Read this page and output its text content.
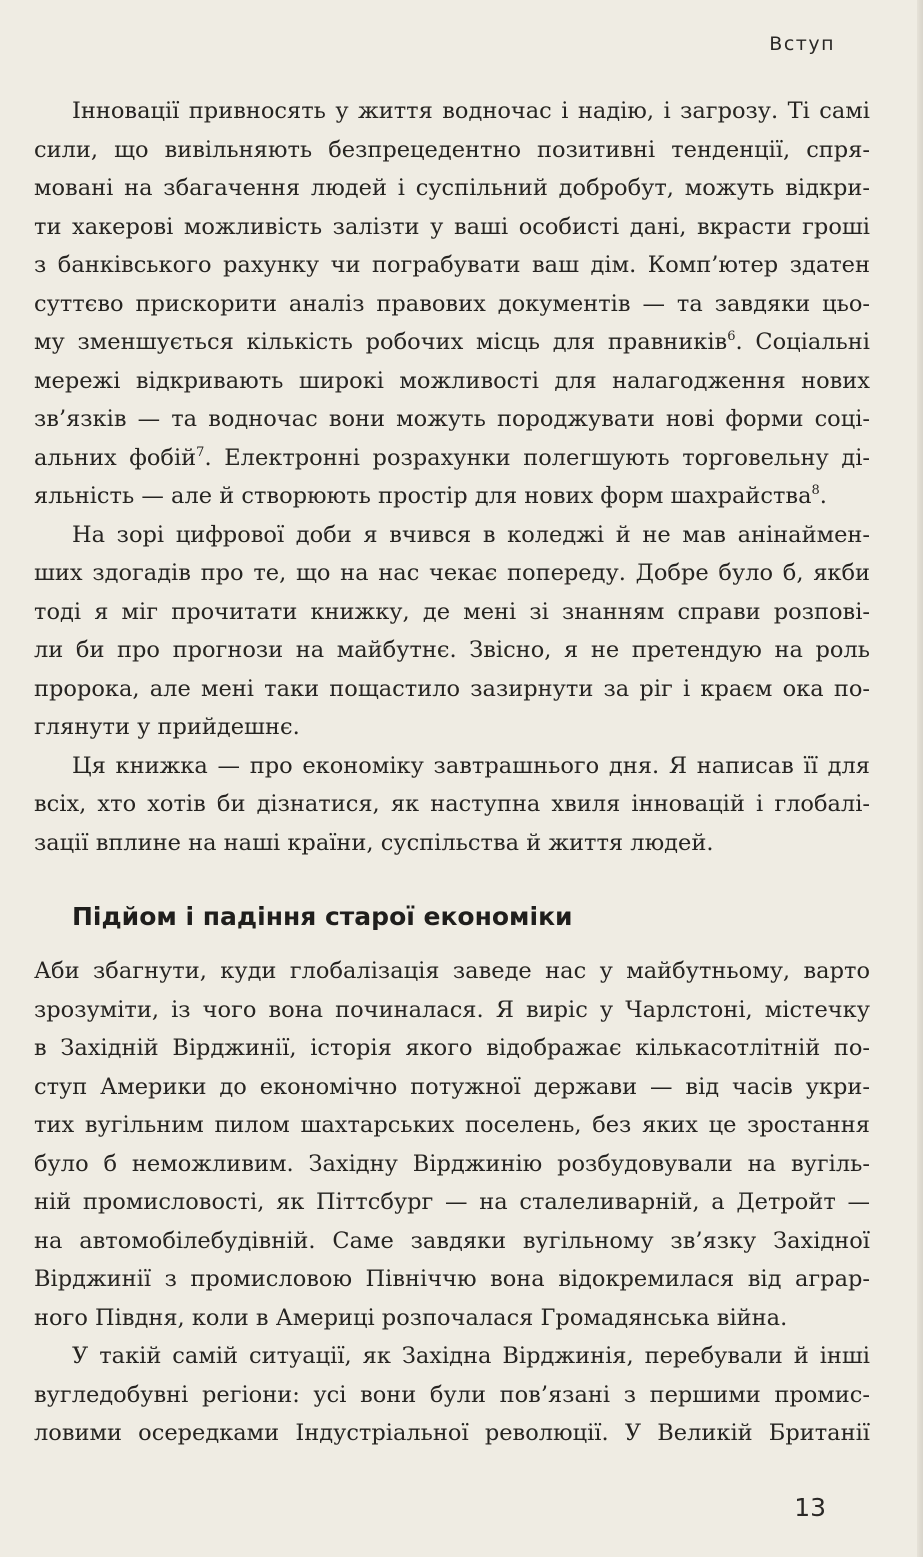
Вступ
Інновації привносять у життя водночас і надію, і загрозу. Ті самі
сили, що вивільняють безпрецедентно позитивні тенденції, спря-
мовані на збагачення людей і суспільний добробут, можуть відкри-
ти хакерові можливість залізти у ваші особисті дані, вкрасти гроші
з банківського рахунку чи пограбувати ваш дім. Комп’ютер здатен
суттєво прискорити аналіз правових документів — та завдяки цьо-
му зменшується кількість робочих місць для правників$^6$. Соціальні
мережі відкривають широкі можливості для налагодження нових
зв’язків — та водночас вони можуть породжувати нові форми соці-
альних фобій$^7$. Електронні розрахунки полегшують торговельну ді-
яльність — але й створюють простір для нових форм шахрайства$^8$.
На зорі цифрової доби я вчився в коледжі й не мав анінаймен-
ших здогадів про те, що на нас чекає попереду. Добре було б, якби
тоді я міг прочитати книжку, де мені зі знанням справи розпові-
ли би про прогнози на майбутнє. Звісно, я не претендую на роль
пророка, але мені таки пощастило зазирнути за ріг і краєм ока по-
глянути у прийдешнє.
Ця книжка — про економіку завтрашнього дня. Я написав її для
всіх, хто хотів би дізнатися, як наступна хвиля інновацій і глобалі-
зації вплине на наші країни, суспільства й життя людей.
Підйом і падіння старої економіки
Аби збагнути, куди глобалізація заведе нас у майбутньому, варто
зрозуміти, із чого вона починалася. Я виріс у Чарлстоні, містечку
в Західній Вірджинії, історія якого відображає кількасотлітній по-
ступ Америки до економічно потужної держави — від часів укри-
тих вугільним пилом шахтарських поселень, без яких це зростання
було б неможливим. Західну Вірджинію розбудовували на вугіль-
ній промисловості, як Піттсбург — на сталеливарній, а Детройт —
на автомобілебудівній. Саме завдяки вугільному зв’язку Західної
Вірджинії з промисловою Північчю вона відокремилася від аграр-
ного Півдня, коли в Америці розпочалася Громадянська війна.
У такій самій ситуації, як Західна Вірджинія, перебували й інші
вугледобувні регіони: усі вони були пов’язані з першими промис-
ловими осередками Індустріальної революції. У Великій Британії
13
